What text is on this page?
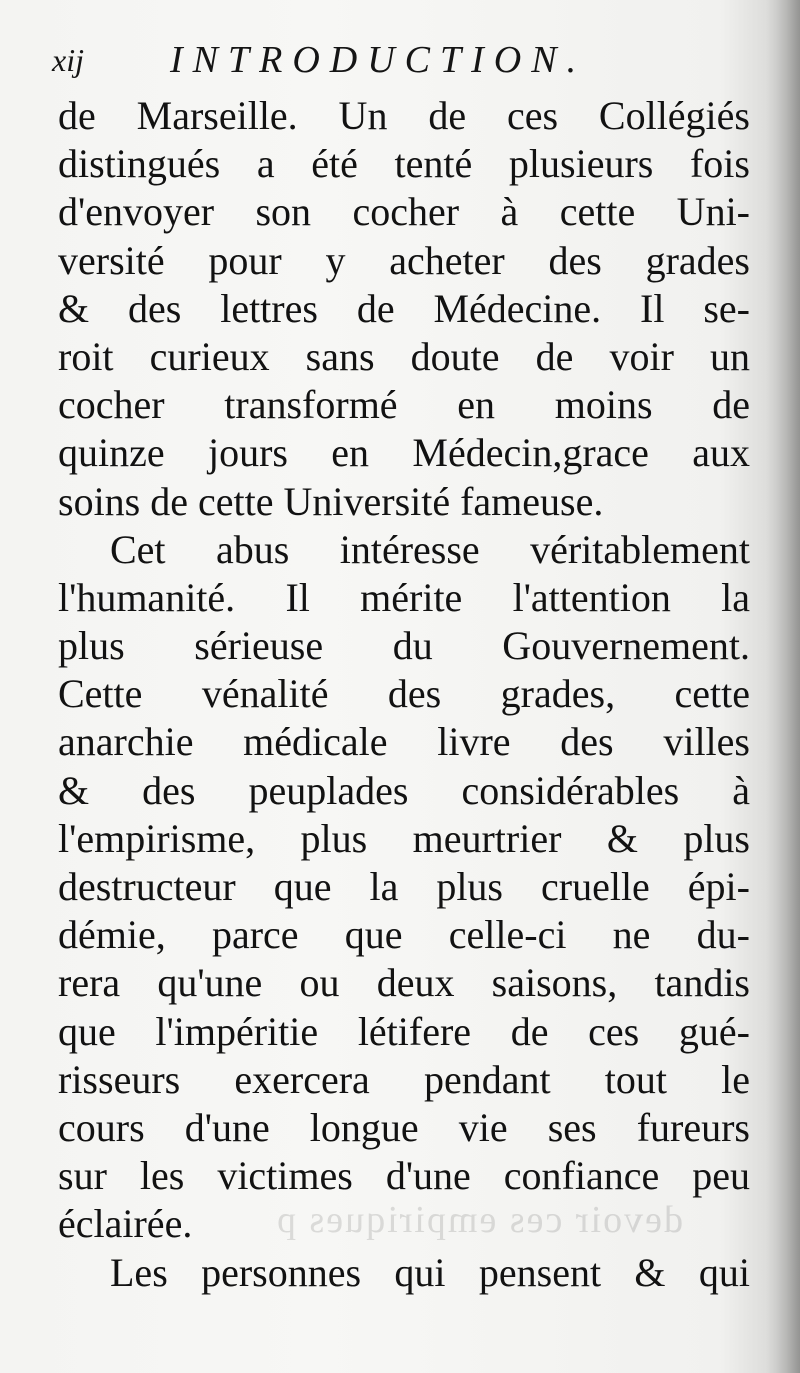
xij INTRODUCTION.
devoir ces empiriques p
de Marseille. Un de ces Collégiés
distingués a été tenté plusieurs fois
d'envoyer son cocher à cette Uni-
versité pour y acheter des grades
& des lettres de Médecine. Il se-
roit curieux sans doute de voir un
cocher transformé en moins de
quinze jours en Médecin,grace aux
soins de cette Université fameuse.
Cet abus intéresse véritablement
l'humanité. Il mérite l'attention la
plus sérieuse du Gouvernement.
Cette vénalité des grades, cette
anarchie médicale livre des villes
& des peuplades considérables à
l'empirisme, plus meurtrier & plus
destructeur que la plus cruelle épi-
démie, parce que celle-ci ne du-
rera qu'une ou deux saisons, tandis
que l'impéritie létifere de ces gué-
risseurs exercera pendant tout le
cours d'une longue vie ses fureurs
sur les victimes d'une confiance peu
éclairée.
Les personnes qui pensent & qui
